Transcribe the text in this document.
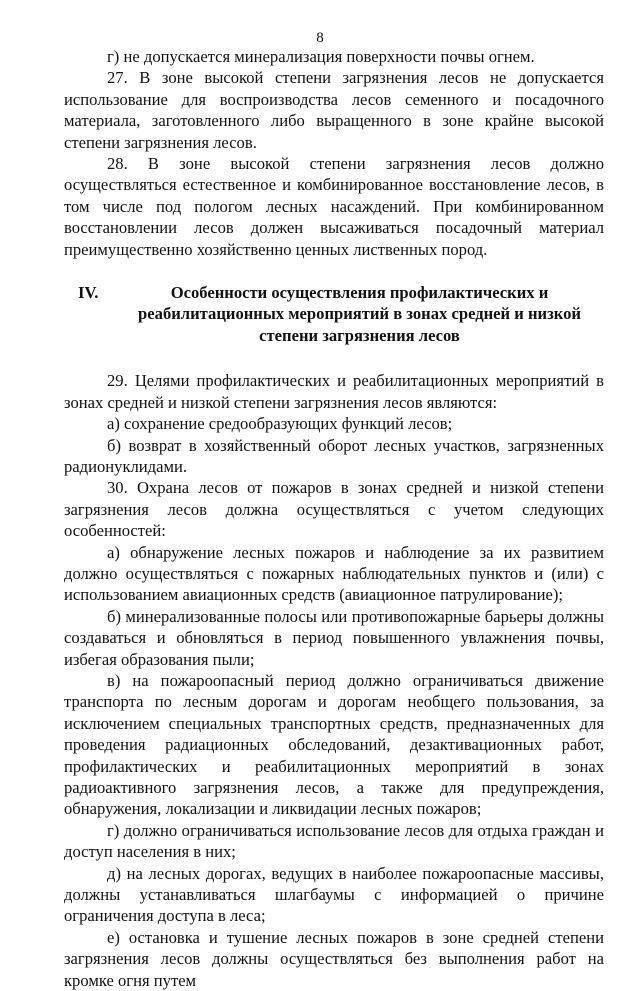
8

г) не допускается минерализация поверхности почвы огнем.

27. В зоне высокой степени загрязнения лесов не допускается использование для воспроизводства лесов семенного и посадочного материала, заготовленного либо выращенного в зоне крайне высокой степени загрязнения лесов.

28. В зоне высокой степени загрязнения лесов должно осуществляться естественное и комбинированное восстановление лесов, в том числе под пологом лесных насаждений. При комбинированном восстановлении лесов должен высаживаться посадочный материал преимущественно хозяйственно ценных лиственных пород.

IV.	Особенности осуществления профилактических и реабилитационных мероприятий в зонах средней и низкой степени загрязнения лесов

29. Целями профилактических и реабилитационных мероприятий в зонах средней и низкой степени загрязнения лесов являются:

а) сохранение средообразующих функций лесов;

б) возврат в хозяйственный оборот лесных участков, загрязненных радионуклидами.

30. Охрана лесов от пожаров в зонах средней и низкой степени загрязнения лесов должна осуществляться с учетом следующих особенностей:

а) обнаружение лесных пожаров и наблюдение за их развитием должно осуществляться с пожарных наблюдательных пунктов и (или) с использованием авиационных средств (авиационное патрулирование);

б) минерализованные полосы или противопожарные барьеры должны создаваться и обновляться в период повышенного увлажнения почвы, избегая образования пыли;

в) на пожароопасный период должно ограничиваться движение транспорта по лесным дорогам и дорогам необщего пользования, за исключением специальных транспортных средств, предназначенных для проведения радиационных обследований, дезактивационных работ, профилактических и реабилитационных мероприятий в зонах радиоактивного загрязнения лесов, а также для предупреждения, обнаружения, локализации и ликвидации лесных пожаров;

г) должно ограничиваться использование лесов для отдыха граждан и доступ населения в них;

д) на лесных дорогах, ведущих в наиболее пожароопасные массивы, должны устанавливаться шлагбаумы с информацией о причине ограничения доступа в леса;

е) остановка и тушение лесных пожаров в зоне средней степени загрязнения лесов должны осуществляться без выполнения работ на кромке огня путем
